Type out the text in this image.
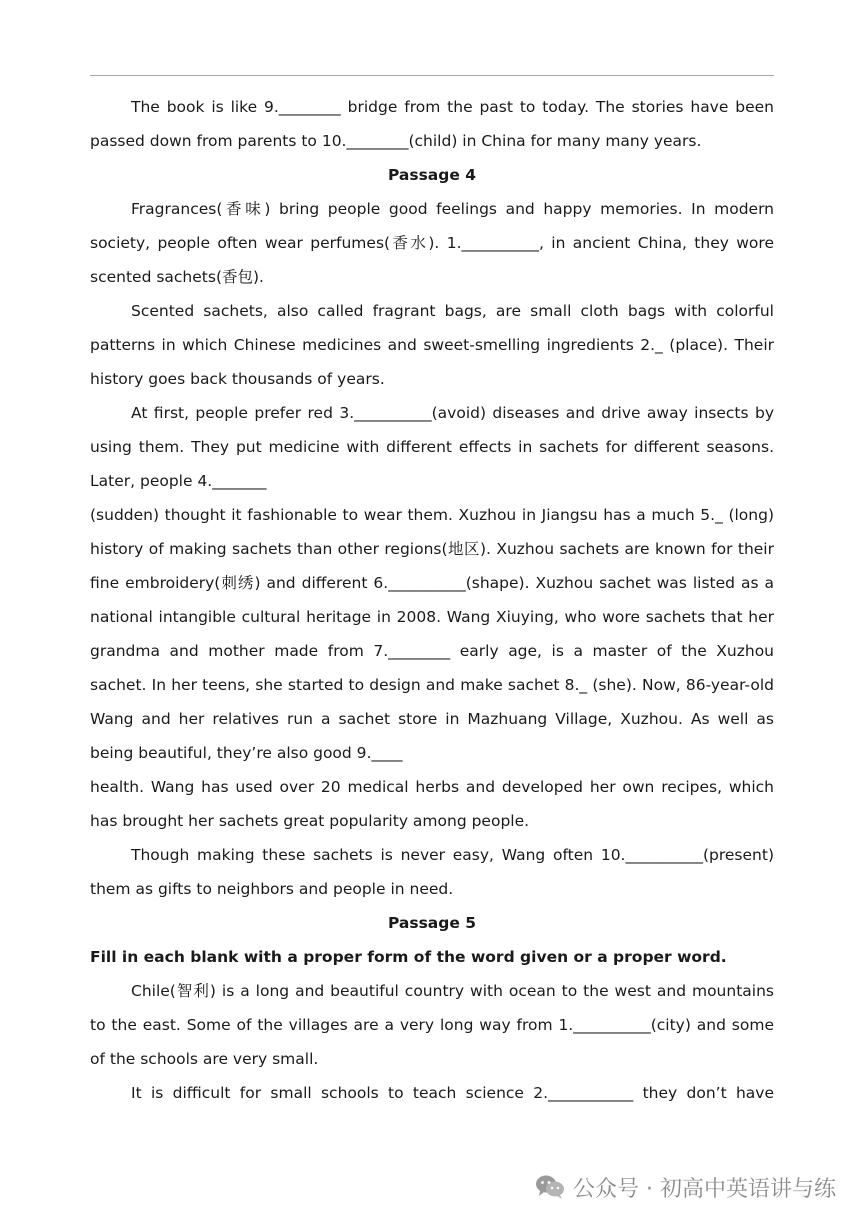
The book is like 9.________ bridge from the past to today. The stories have been passed down from parents to 10.________(child) in China for many many years.

Passage 4

Fragrances(香味) bring people good feelings and happy memories. In modern society, people often wear perfumes(香水). 1.__________, in ancient China, they wore scented sachets(香包).

Scented sachets, also called fragrant bags, are small cloth bags with colorful patterns in which Chinese medicines and sweet-smelling ingredients 2._ (place). Their history goes back thousands of years.

At first, people prefer red 3.__________(avoid) diseases and drive away insects by using them. They put medicine with different effects in sachets for different seasons. Later, people 4._______

(sudden) thought it fashionable to wear them. Xuzhou in Jiangsu has a much 5._ (long) history of making sachets than other regions(地区). Xuzhou sachets are known for their fine embroidery(刺绣) and different 6.__________(shape). Xuzhou sachet was listed as a national intangible cultural heritage in 2008. Wang Xiuying, who wore sachets that her grandma and mother made from 7.________ early age, is a master of the Xuzhou sachet. In her teens, she started to design and make sachet 8._ (she). Now, 86-year-old Wang and her relatives run a sachet store in Mazhuang Village, Xuzhou. As well as being beautiful, they’re also good 9.____

health. Wang has used over 20 medical herbs and developed her own recipes, which has brought her sachets great popularity among people.

Though making these sachets is never easy, Wang often 10.__________(present) them as gifts to neighbors and people in need.

Passage 5

Fill in each blank with a proper form of the word given or a proper word.

Chile(智利) is a long and beautiful country with ocean to the west and mountains to the east. Some of the villages are a very long way from 1.__________(city) and some of the schools are very small.

It is difficult for small schools to teach science 2.___________ they don’t have

公众号 · 初高中英语讲与练
